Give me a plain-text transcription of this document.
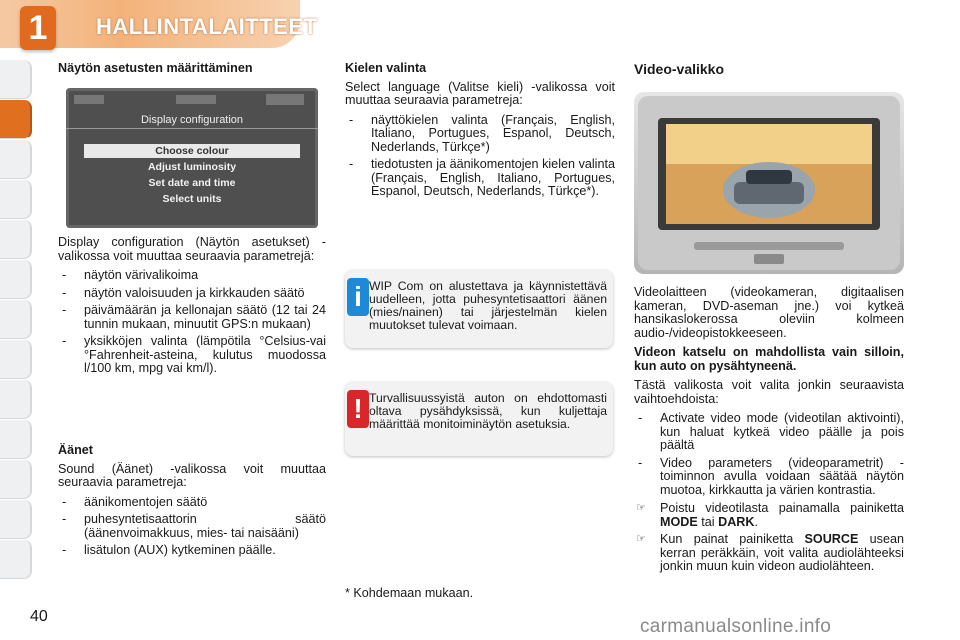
1	HALLINTALAITTEET
Näytön asetusten määrittäminen
Display configuration
Choose colour
Adjust luminosity
Set date and time
Select units

Display configuration (Näytön asetukset) -valikossa voit muuttaa seuraavia parametrejä:

- näytön värivalikoima
- näytön valoisuuden ja kirkkauden säätö
- päivämäärän ja kellonajan säätö (12 tai 24 tunnin mukaan, minuutit GPS:n mukaan)
- yksikköjen valinta (lämpötila °Celsius-vai °Fahrenheit-asteina, kulutus muodossa l/100 km, mpg vai km/l).
Äänet

Sound (Äänet) -valikossa voit muuttaa seuraavia parametreja:

- äänikomentojen säätö
- puhesyntetisaattorin säätö (äänenvoimakkuus, mies- tai naisääni)
- lisätulon (AUX) kytkeminen päälle.
Kielen valinta

Select language (Valitse kieli) -valikossa voit muuttaa seuraavia parametreja:

- näyttökielen valinta (Français, English, Italiano, Portugues, Espanol, Deutsch, Nederlands, Türkçe*)
- tiedotusten ja äänikomentojen kielen valinta (Français, English, Italiano, Portugues, Espanol, Deutsch, Nederlands, Türkçe*).
i WIP Com on alustettava ja käynnistettävä uudelleen, jotta puhesyntetisaattori äänen (mies/nainen) tai järjestelmän kielen muutokset tulevat voimaan.
! Turvallisuussyistä auton on ehdottomasti oltava pysähdyksissä, kun kuljettaja määrittää monitoiminäytön asetuksia.
* Kohdemaan mukaan.
Video-valikko

Videolaitteen (videokameran, digitaalisen kameran, DVD-aseman jne.) voi kytkeä hansikaslokerossa oleviin kolmeen audio-/videopistokkeeseen.

Videon katselu on mahdollista vain silloin, kun auto on pysähtyneenä.

Tästä valikosta voit valita jonkin seuraavista vaihtoehdoista:

- Activate video mode (videotilan aktivointi), kun haluat kytkeä video päälle ja pois päältä
- Video parameters (videoparametrit) -toiminnon avulla voidaan säätää näytön muotoa, kirkkautta ja värien kontrastia.
☞ Poistu videotilasta painamalla painiketta MODE tai DARK.
☞ Kun painat painiketta SOURCE usean kerran peräkkäin, voit valita audiolähteeksi jonkin muun kuin videon audiolähteen.
40	carmanualsonline.info
